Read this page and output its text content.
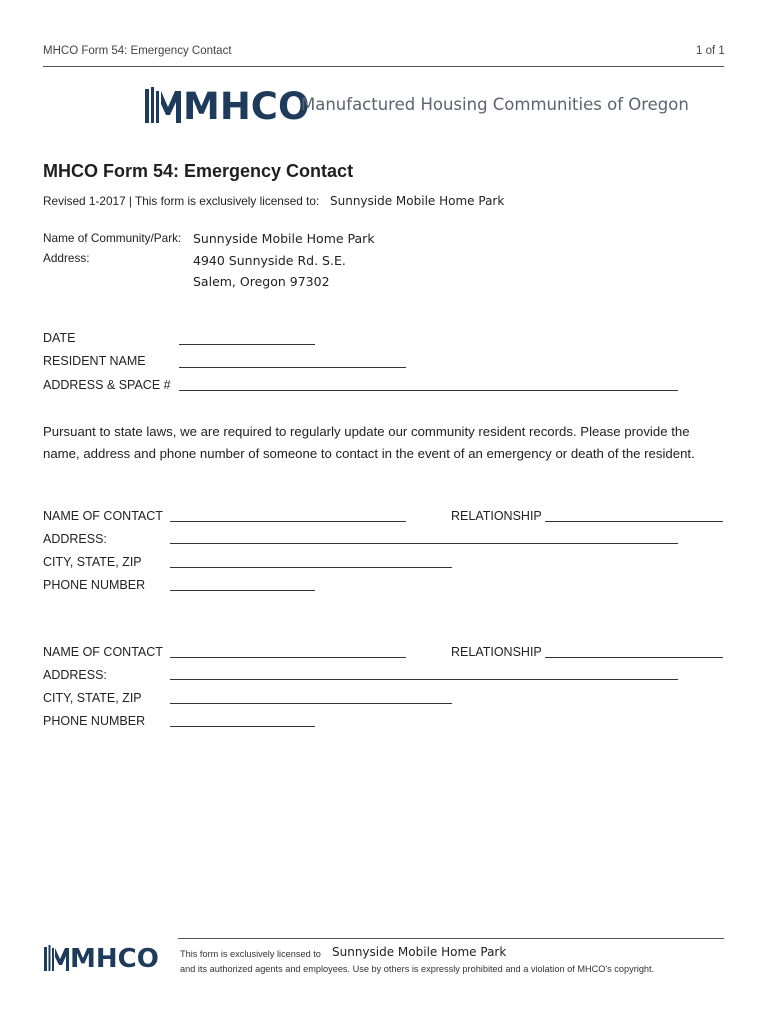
MHCO Form 54: Emergency Contact	1 of 1
MHCO
Manufactured Housing Communities of Oregon
MHCO Form 54: Emergency Contact
Revised 1-2017 | This form is exclusively licensed to: Sunnyside Mobile Home Park
Name of Community/Park: Sunnyside Mobile Home Park
Address:	4940 Sunnyside Rd. S.E.
Salem, Oregon 97302
DATE
RESIDENT NAME
ADDRESS & SPACE #
Pursuant to state laws, we are required to regularly update our community resident records. Please provide the name, address and phone number of someone to contact in the event of an emergency or death of the resident.
NAME OF CONTACT	RELATIONSHIP
ADDRESS:
CITY, STATE, ZIP
PHONE NUMBER
NAME OF CONTACT	RELATIONSHIP
ADDRESS:
CITY, STATE, ZIP
PHONE NUMBER
MHCO This form is exclusively licensed to Sunnyside Mobile Home Park
and its authorized agents and employees. Use by others is expressly prohibited and a violation of MHCO's copyright.
